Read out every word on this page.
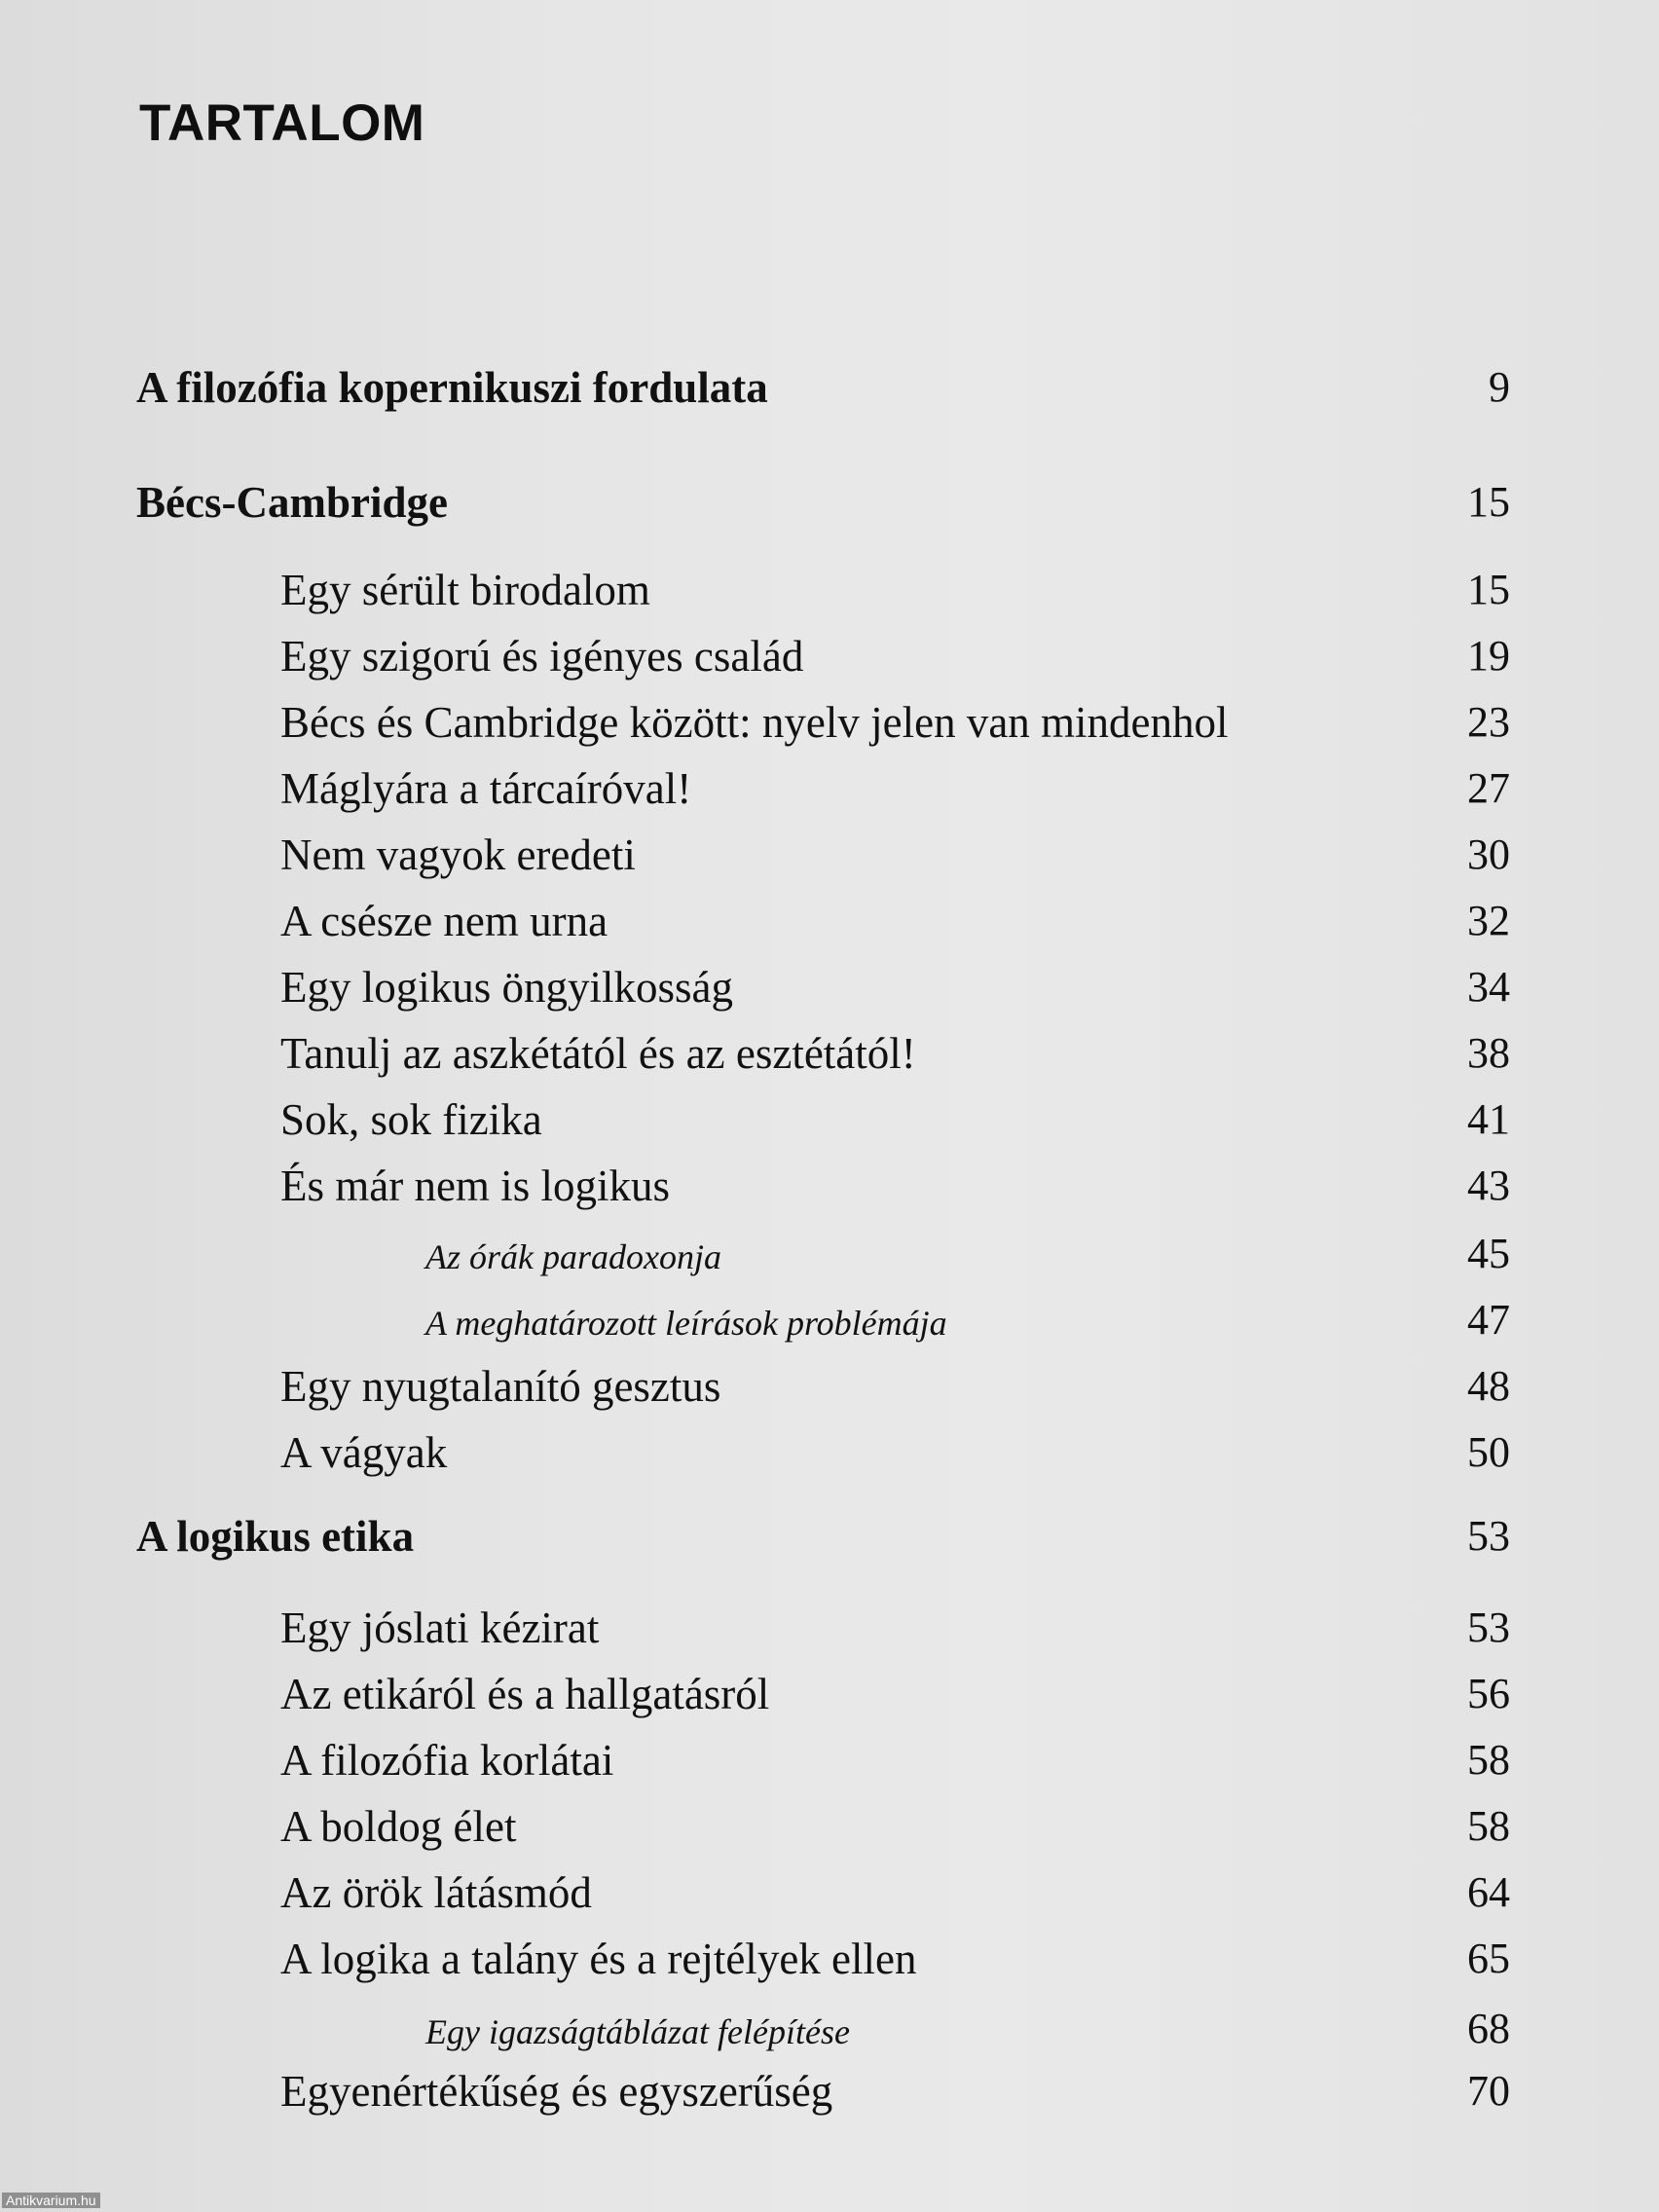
TARTALOM
A filozófia kopernikuszi fordulata	9
Bécs-Cambridge	15
Egy sérült birodalom	15
Egy szigorú és igényes család	19
Bécs és Cambridge között: nyelv jelen van mindenhol	23
Máglyára a tárcaíróval!	27
Nem vagyok eredeti	30
A csésze nem urna	32
Egy logikus öngyilkosság	34
Tanulj az aszkétától és az esztétától!	38
Sok, sok fizika	41
És már nem is logikus	43
Az órák paradoxonja	45
A meghatározott leírások problémája	47
Egy nyugtalanító gesztus	48
A vágyak	50
A logikus etika	53
Egy jóslati kézirat	53
Az etikáról és a hallgatásról	56
A filozófia korlátai	58
A boldog élet	58
Az örök látásmód	64
A logika a talány és a rejtélyek ellen	65
Egy igazságtáblázat felépítése	68
Egyenértékűség és egyszerűség	70
Antikvarium.hu
